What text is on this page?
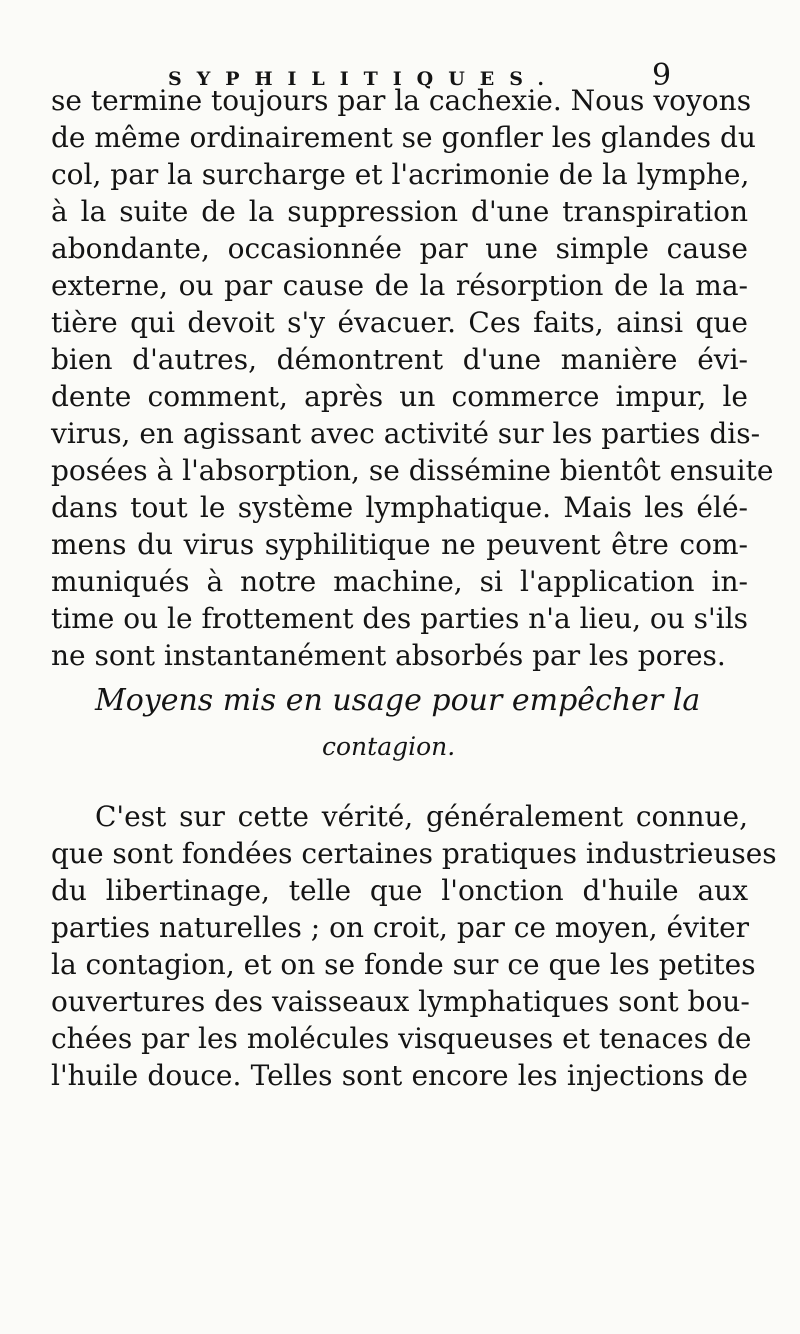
SYPHILITIQUES.	9
se termine toujours par la cachexie. Nous voyons
de même ordinairement se gonfler les glandes du
col, par la surcharge et l'acrimonie de la lymphe,
à la suite de la suppression d'une transpiration
abondante, occasionnée par une simple cause
externe, ou par cause de la résorption de la ma-
tière qui devoit s'y évacuer. Ces faits, ainsi que
bien d'autres, démontrent d'une manière évi-
dente comment, après un commerce impur, le
virus, en agissant avec activité sur les parties dis-
posées à l'absorption, se dissémine bientôt ensuite
dans tout le système lymphatique. Mais les élé-
mens du virus syphilitique ne peuvent être com-
muniqués à notre machine, si l'application in-
time ou le frottement des parties n'a lieu, ou s'ils
ne sont instantanément absorbés par les pores.
Moyens mis en usage pour empêcher la
contagion.
C'est sur cette vérité, généralement connue,
que sont fondées certaines pratiques industrieuses
du libertinage, telle que l'onction d'huile aux
parties naturelles ; on croit, par ce moyen, éviter
la contagion, et on se fonde sur ce que les petites
ouvertures des vaisseaux lymphatiques sont bou-
chées par les molécules visqueuses et tenaces de
l'huile douce. Telles sont encore les injections de
